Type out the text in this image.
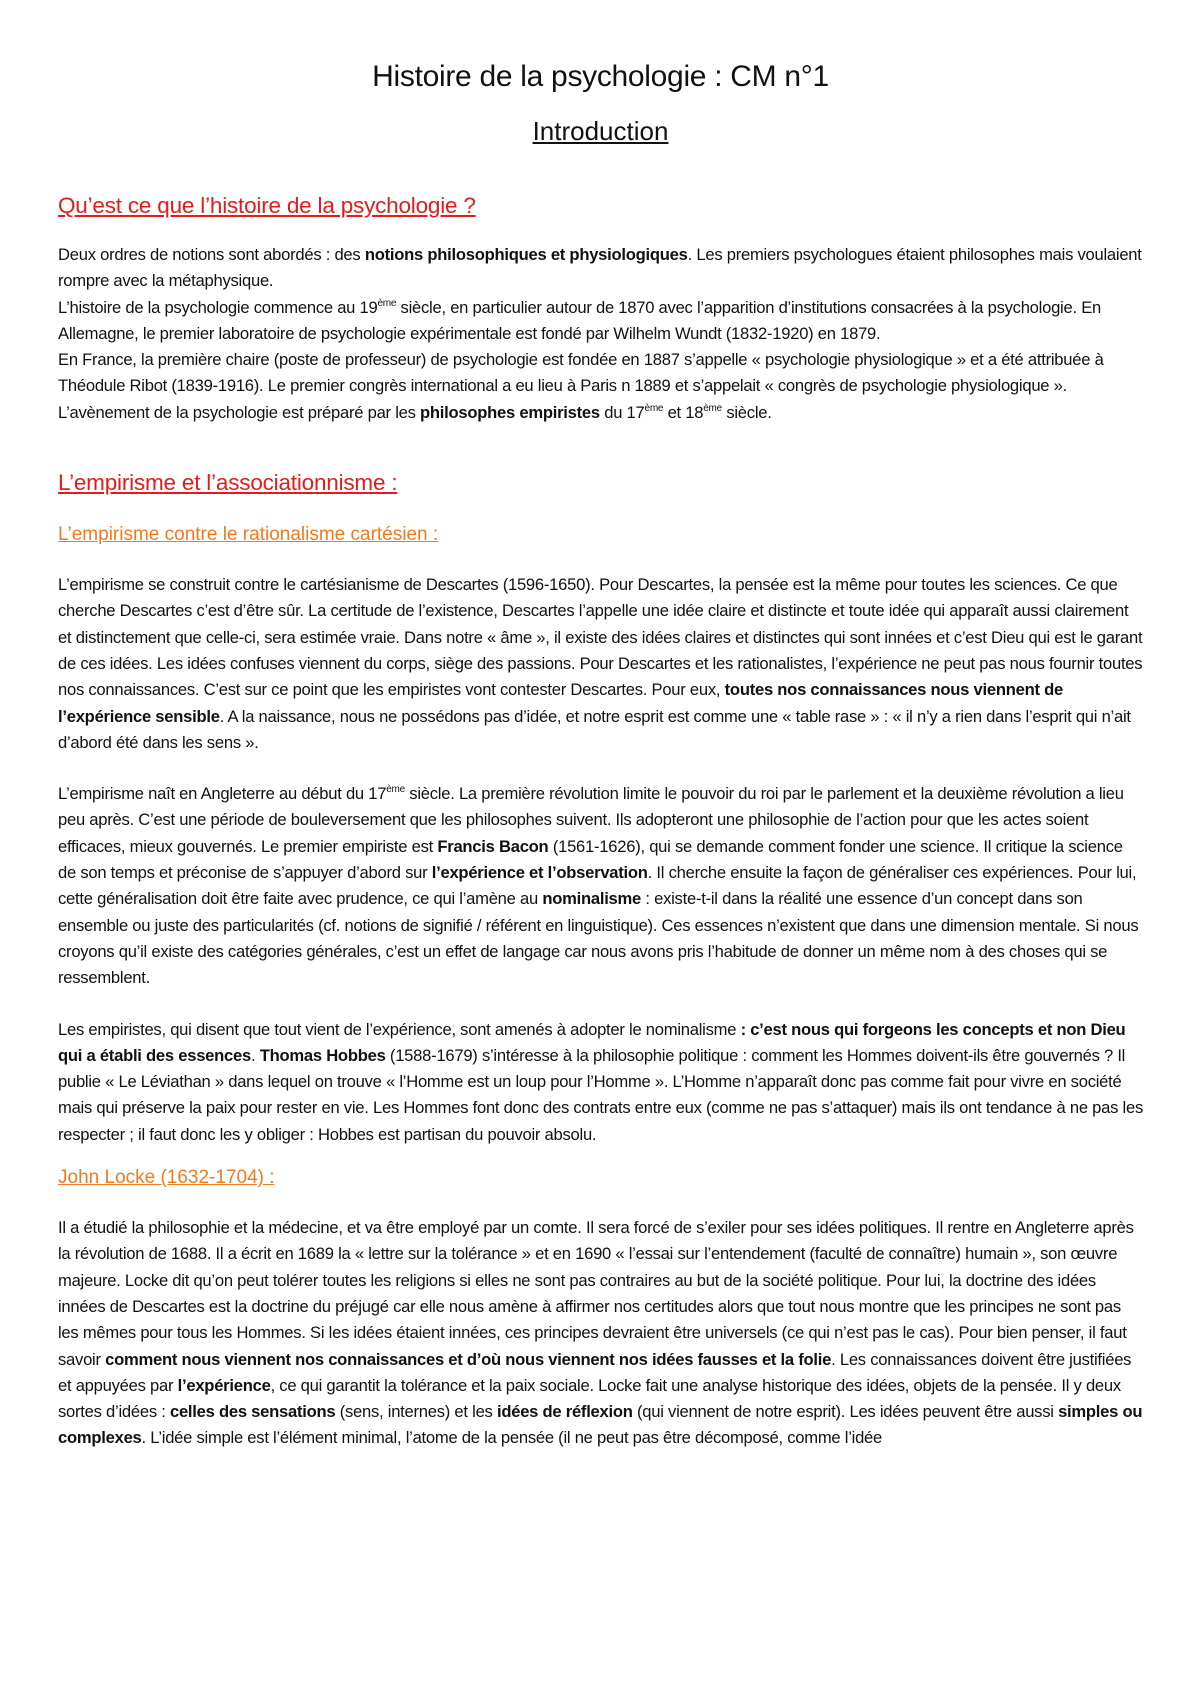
Histoire de la psychologie : CM n°1
Introduction
Qu’est ce que l’histoire de la psychologie ?

Deux ordres de notions sont abordés : des notions philosophiques et physiologiques. Les premiers psychologues étaient philosophes mais voulaient rompre avec la métaphysique.
L’histoire de la psychologie commence au 19ème siècle, en particulier autour de 1870 avec l’apparition d’institutions consacrées à la psychologie. En Allemagne, le premier laboratoire de psychologie expérimentale est fondé par Wilhelm Wundt (1832-1920) en 1879.
En France, la première chaire (poste de professeur) de psychologie est fondée en 1887 s’appelle « psychologie physiologique » et a été attribuée à Théodule Ribot (1839-1916). Le premier congrès international a eu lieu à Paris n 1889 et s’appelait « congrès de psychologie physiologique ». L’avènement de la psychologie est préparé par les philosophes empiristes du 17ème et 18ème siècle.

L’empirisme et l’associationnisme :
L’empirisme contre le rationalisme cartésien :

L’empirisme se construit contre le cartésianisme de Descartes (1596-1650). Pour Descartes, la pensée est la même pour toutes les sciences. Ce que cherche Descartes c’est d’être sûr. La certitude de l’existence, Descartes l’appelle une idée claire et distincte et toute idée qui apparaît aussi clairement et distinctement que celle-ci, sera estimée vraie. Dans notre « âme », il existe des idées claires et distinctes qui sont innées et c’est Dieu qui est le garant de ces idées. Les idées confuses viennent du corps, siège des passions. Pour Descartes et les rationalistes, l’expérience ne peut pas nous fournir toutes nos connaissances. C’est sur ce point que les empiristes vont contester Descartes. Pour eux, toutes nos connaissances nous viennent de l’expérience sensible. A la naissance, nous ne possédons pas d’idée, et notre esprit est comme une « table rase » : « il n’y a rien dans l’esprit qui n’ait d’abord été dans les sens ».

L’empirisme naît en Angleterre au début du 17ème siècle. La première révolution limite le pouvoir du roi par le parlement et la deuxième révolution a lieu peu après. C’est une période de bouleversement que les philosophes suivent. Ils adopteront une philosophie de l’action pour que les actes soient efficaces, mieux gouvernés. Le premier empiriste est Francis Bacon (1561-1626), qui se demande comment fonder une science. Il critique la science de son temps et préconise de s’appuyer d’abord sur l’expérience et l’observation. Il cherche ensuite la façon de généraliser ces expériences. Pour lui, cette généralisation doit être faite avec prudence, ce qui l’amène au nominalisme : existe-t-il dans la réalité une essence d’un concept dans son ensemble ou juste des particularités (cf. notions de signifié / référent en linguistique). Ces essences n’existent que dans une dimension mentale. Si nous croyons qu’il existe des catégories générales, c’est un effet de langage car nous avons pris l’habitude de donner un même nom à des choses qui se ressemblent.

Les empiristes, qui disent que tout vient de l’expérience, sont amenés à adopter le nominalisme : c’est nous qui forgeons les concepts et non Dieu qui a établi des essences. Thomas Hobbes (1588-1679) s’intéresse à la philosophie politique : comment les Hommes doivent-ils être gouvernés ? Il publie « Le Léviathan » dans lequel on trouve « l’Homme est un loup pour l’Homme ». L’Homme n’apparaît donc pas comme fait pour vivre en société mais qui préserve la paix pour rester en vie. Les Hommes font donc des contrats entre eux (comme ne pas s’attaquer) mais ils ont tendance à ne pas les respecter ; il faut donc les y obliger : Hobbes est partisan du pouvoir absolu.

John Locke (1632-1704) :

Il a étudié la philosophie et la médecine, et va être employé par un comte. Il sera forcé de s’exiler pour ses idées politiques. Il rentre en Angleterre après la révolution de 1688. Il a écrit en 1689 la « lettre sur la tolérance » et en 1690 « l’essai sur l’entendement (faculté de connaître) humain », son œuvre majeure. Locke dit qu’on peut tolérer toutes les religions si elles ne sont pas contraires au but de la société politique. Pour lui, la doctrine des idées innées de Descartes est la doctrine du préjugé car elle nous amène à affirmer nos certitudes alors que tout nous montre que les principes ne sont pas les mêmes pour tous les Hommes. Si les idées étaient innées, ces principes devraient être universels (ce qui n’est pas le cas). Pour bien penser, il faut savoir comment nous viennent nos connaissances et d’où nous viennent nos idées fausses et la folie. Les connaissances doivent être justifiées et appuyées par l’expérience, ce qui garantit la tolérance et la paix sociale. Locke fait une analyse historique des idées, objets de la pensée. Il y deux sortes d’idées : celles des sensations (sens, internes) et les idées de réflexion (qui viennent de notre esprit). Les idées peuvent être aussi simples ou complexes. L’idée simple est l’élément minimal, l’atome de la pensée (il ne peut pas être décomposé, comme l’idée
